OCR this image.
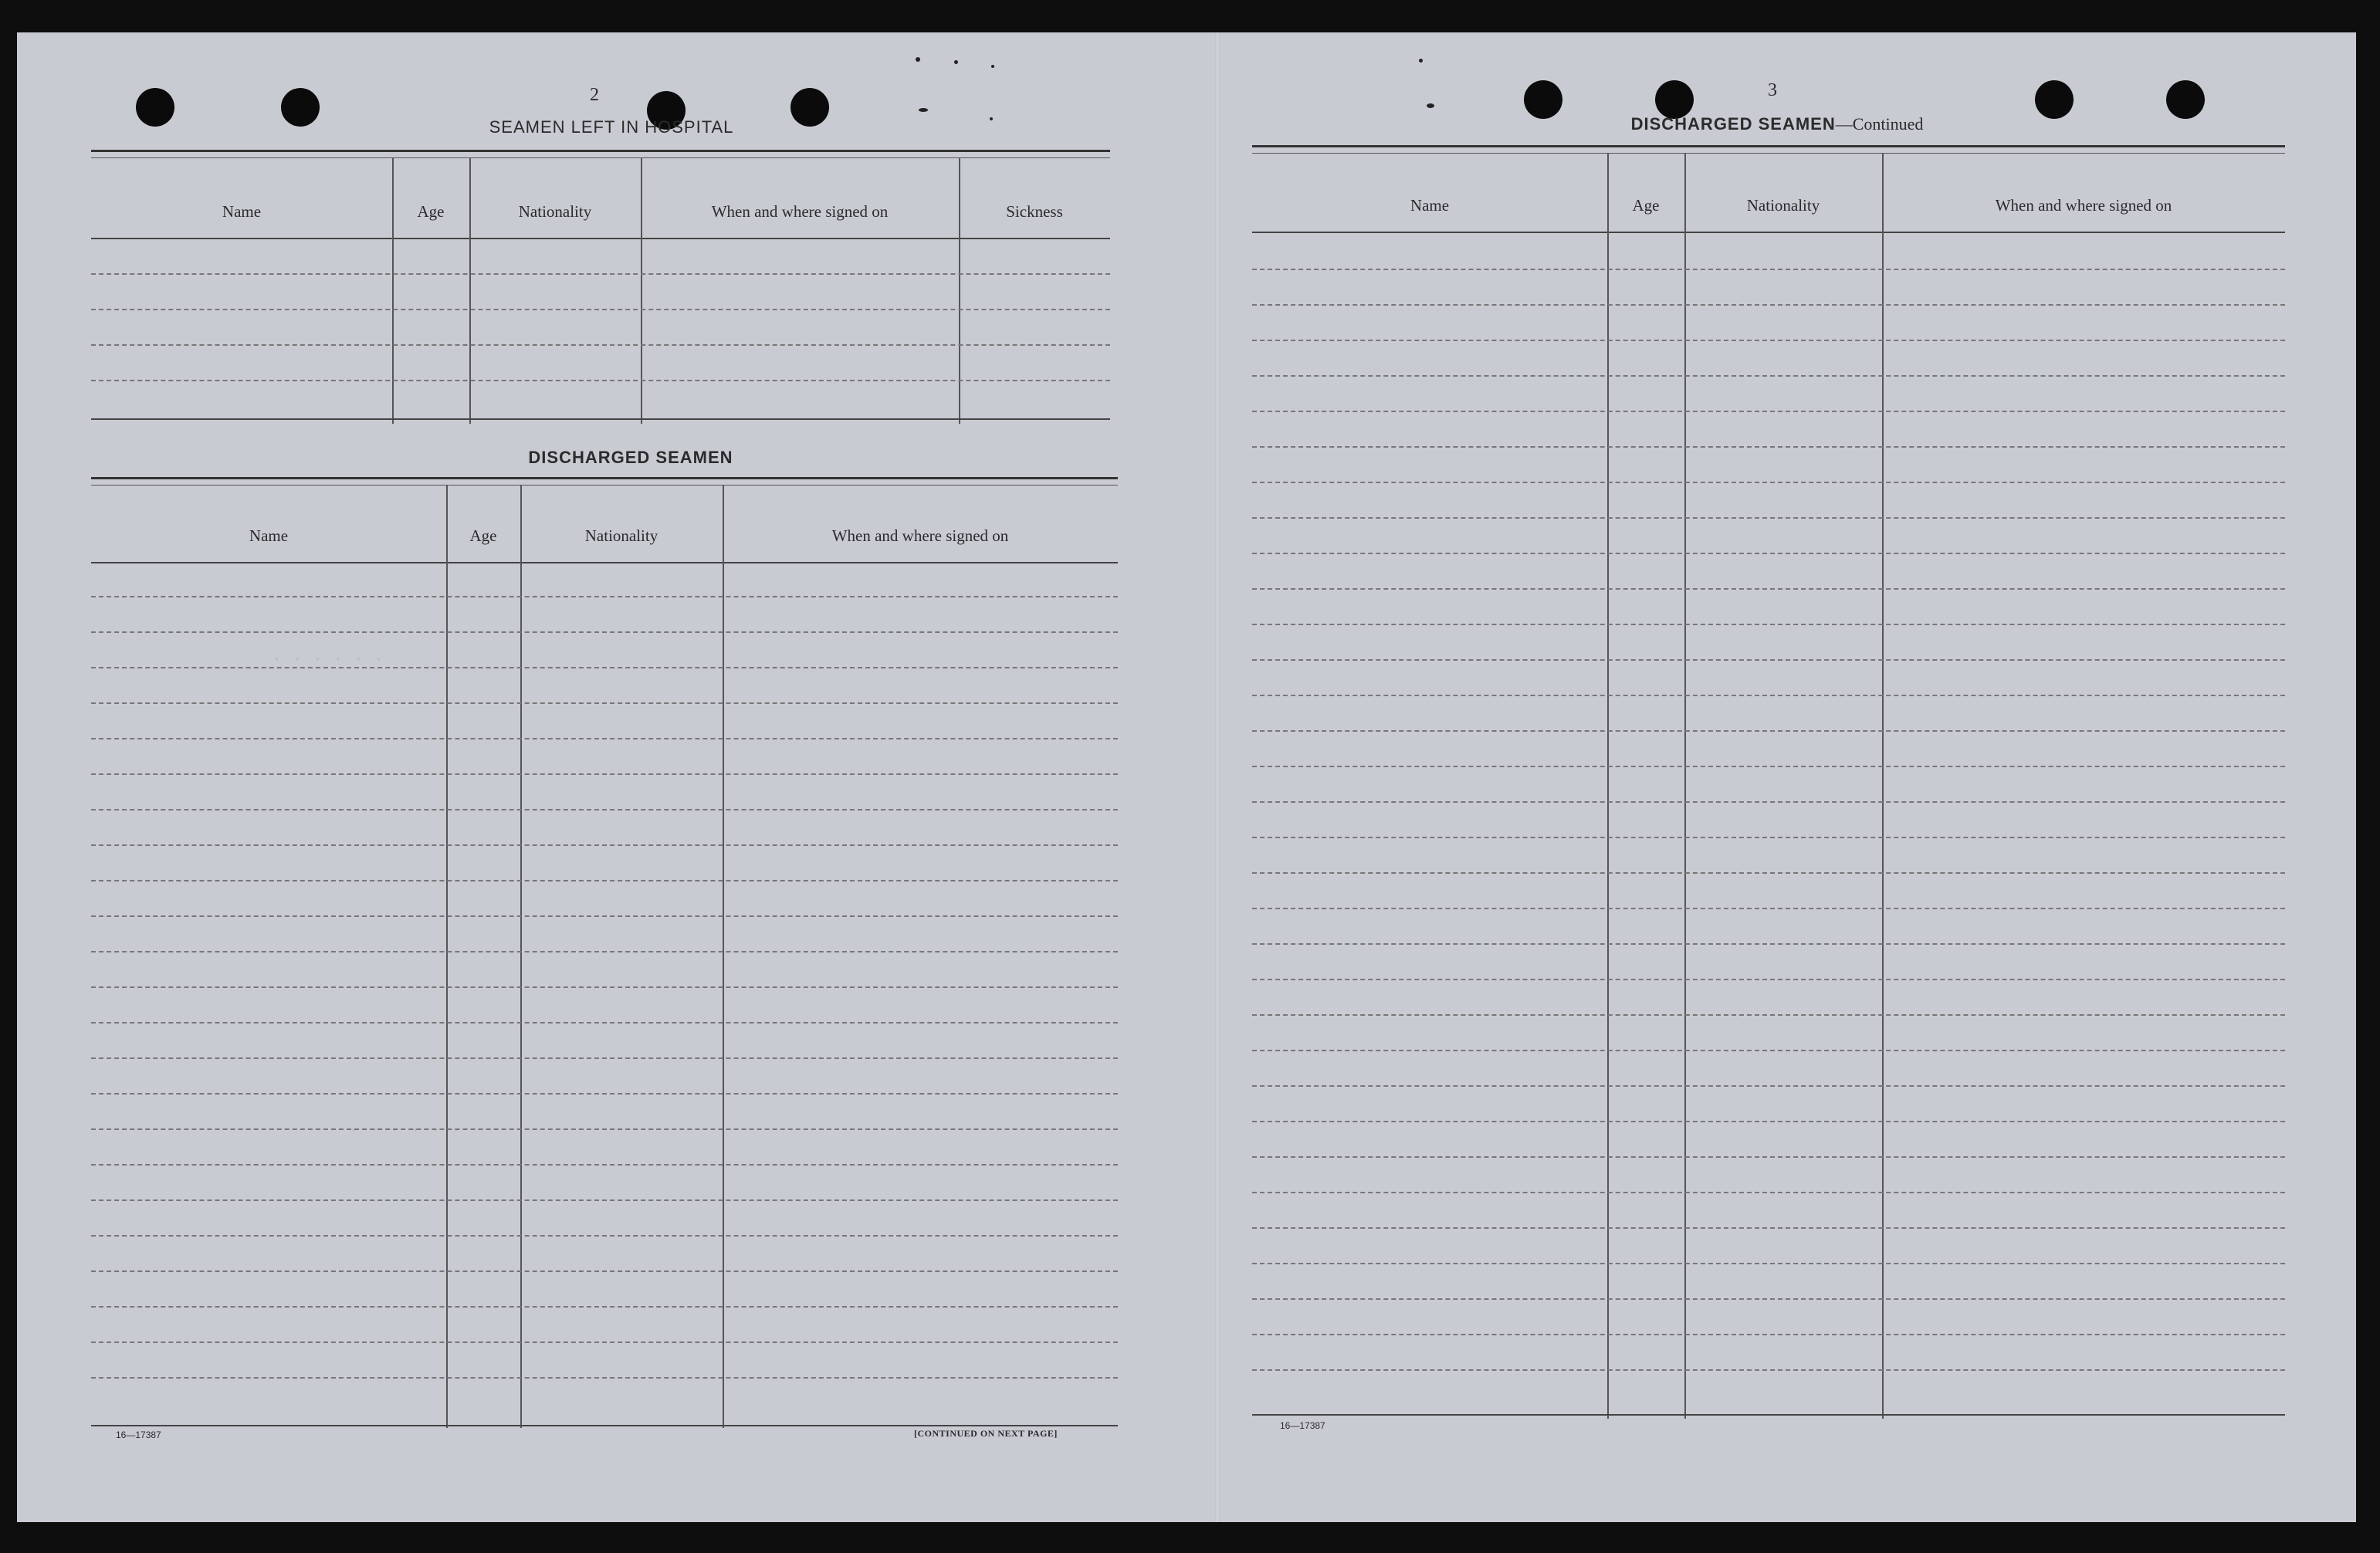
· · · · · ·
· · · · · ·
2
SEAMEN LEFT IN HOSPITAL
Name	Age	Nationality	When and where signed on	Sickness
DISCHARGED SEAMEN
Name	Age	Nationality	When and where signed on
16—17387	[CONTINUED ON NEXT PAGE]
3
DISCHARGED SEAMEN—Continued
Name	Age	Nationality	When and where signed on
16—17387
